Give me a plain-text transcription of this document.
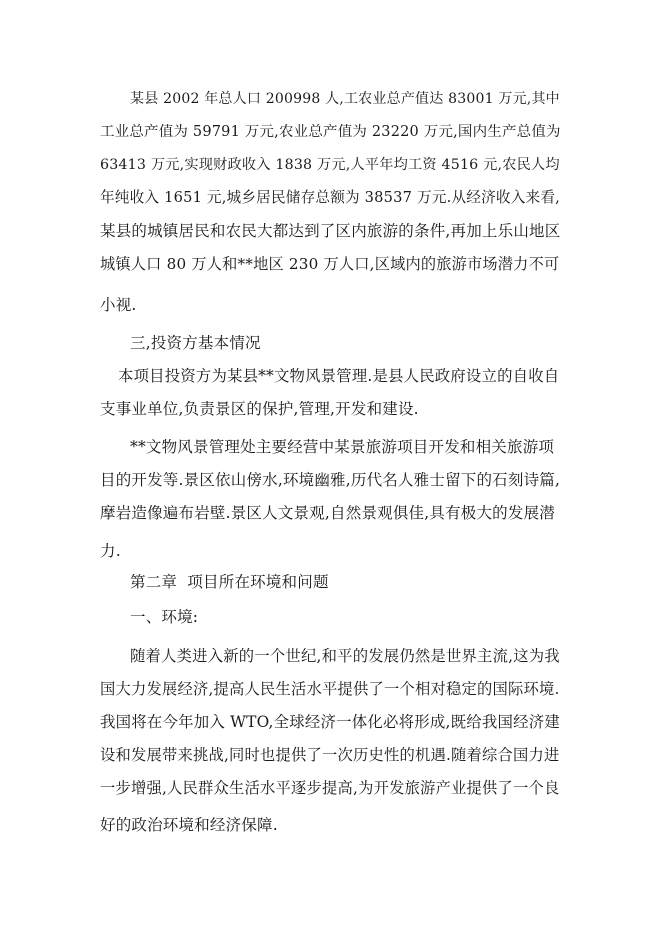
某县 2002 年总人口 200998 人,工农业总产值达 83001 万元,其中
工业总产值为 59791 万元,农业总产值为 23220 万元,国内生产总值为
63413 万元,实现财政收入 1838 万元,人平年均工资 4516 元,农民人均
年纯收入 1651 元,城乡居民储存总额为 38537 万元.从经济收入来看,
某县的城镇居民和农民大都达到了区内旅游的条件,再加上乐山地区
城镇人口 80 万人和**地区 230 万人口,区域内的旅游市场潜力不可
小视.
三,投资方基本情况
本项目投资方为某县**文物风景管理.是县人民政府设立的自收自
支事业单位,负责景区的保护,管理,开发和建设.
**文物风景管理处主要经营中某景旅游项目开发和相关旅游项
目的开发等.景区依山傍水,环境幽雅,历代名人雅士留下的石刻诗篇,
摩岩造像遍布岩壁.景区人文景观,自然景观俱佳,具有极大的发展潜
力.
第二章  项目所在环境和问题
一、环境:
随着人类进入新的一个世纪,和平的发展仍然是世界主流,这为我
国大力发展经济,提高人民生活水平提供了一个相对稳定的国际环境.
我国将在今年加入 WTO,全球经济一体化必将形成,既给我国经济建
设和发展带来挑战,同时也提供了一次历史性的机遇.随着综合国力进
一步增强,人民群众生活水平逐步提高,为开发旅游产业提供了一个良
好的政治环境和经济保障.
